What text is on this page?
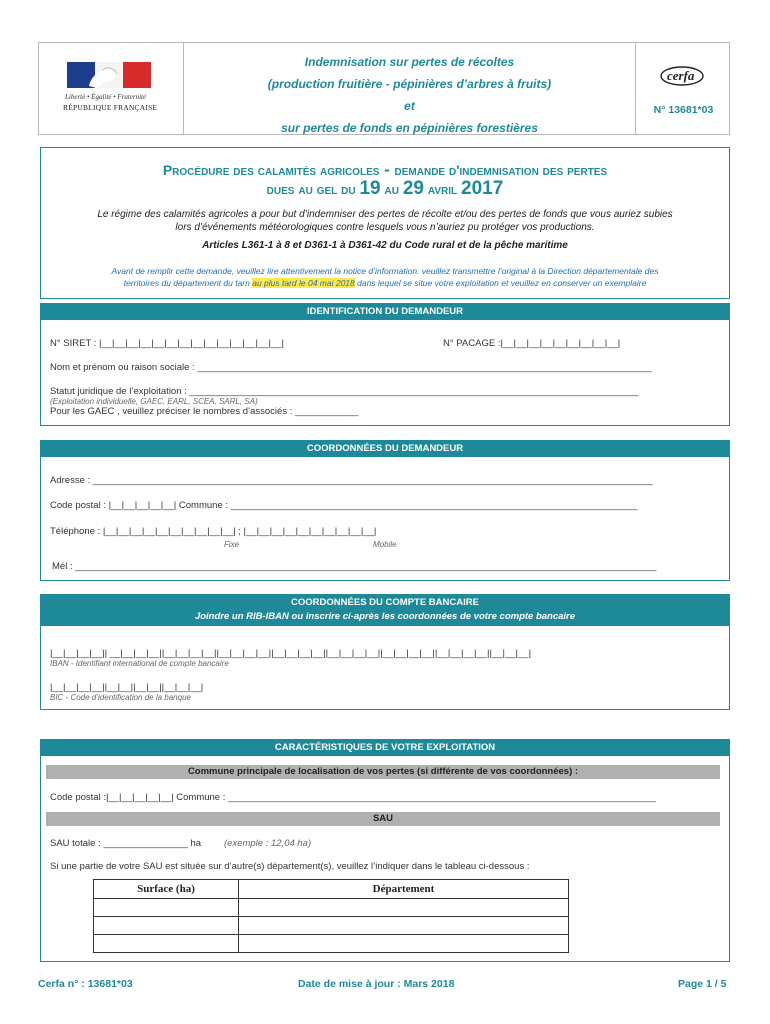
Liberté • Égalité • Fraternité
RÉPUBLIQUE FRANÇAISE

Indemnisation sur pertes de récoltes

(production fruitière - pépinières d’arbres à fruits)

et

sur pertes de fonds en pépinières forestières

cerfa
N° 13681*03
Procédure des calamités agricoles - demande d'indemnisation des pertes
dues au gel du 19 au 29 avril 2017
Le régime des calamités agricoles a pour but d’indemniser des pertes de récolte et/ou des pertes de fonds que vous auriez subies
lors d’événements météorologiques contre lesquels vous n’auriez pu protéger vos productions.
Articles L361-1 à 8 et D361-1 à D361-42 du Code rural et de la pêche maritime
Avant de remplir cette demande, veuillez lire attentivement la notice d’information. veuillez transmettre l’original à la Direction départementale des
territoires du département du tarn au plus tard le 04 mai 2018 dans lequel se situe votre exploitation et veuillez en conserver un exemplaire
IDENTIFICATION DU DEMANDEUR
N° SIRET : |__|__|__|__|__|__|__|__|__|__|__|__|__|__|	N° PACAGE :|__|__|__|__|__|__|__|__|__|
Nom et prénom ou raison sociale : ______________________________________________________________________________________
Statut juridique de l’exploitation : _____________________________________________________________________________________
(Exploitation individuelle, GAEC, EARL, SCEA, SARL, SA)
Pour les GAEC , veuillez préciser le nombres d’associés : ____________
COORDONNÉES DU DEMANDEUR
Adresse : __________________________________________________________________________________________________________
Code postal : |__|__|__|__|__| Commune : _____________________________________________________________________________
Téléphone : |__|__|__|__|__|__|__|__|__|__| ; |__|__|__|__|__|__|__|__|__|__|
Fixe	Mobile
Mél : ______________________________________________________________________________________________________________
COORDONNÉES DU COMPTE BANCAIRE
Joindre un RIB-IBAN ou inscrire ci-après les coordonnées de votre compte bancaire
|__|__|__|__|| __|__|__|__||__|__|__|__||__|__|__|__||__|__|__|__||__|__|__|__||__|__|__|__||__|__|__|__||__|__|__|
IBAN - Identifiant international de compte bancaire
|__|__|__|__||__|__||__|__||__|__|__|
BIC - Code d’identification de la banque
CARACTÉRISTIQUES DE VOTRE EXPLOITATION
Commune principale de localisation de vos pertes (si différente de vos coordonnées) :
Code postal :|__|__|__|__|__| Commune : _________________________________________________________________________________
SAU
SAU totale : ________________ ha (exemple : 12,04 ha)
Si une partie de votre SAU est située sur d’autre(s) département(s), veuillez l’indiquer dans le tableau ci-dessous :
Surface (ha)	Département

Cerfa n° : 13681*03	Date de mise à jour : Mars 2018	Page 1 / 5
